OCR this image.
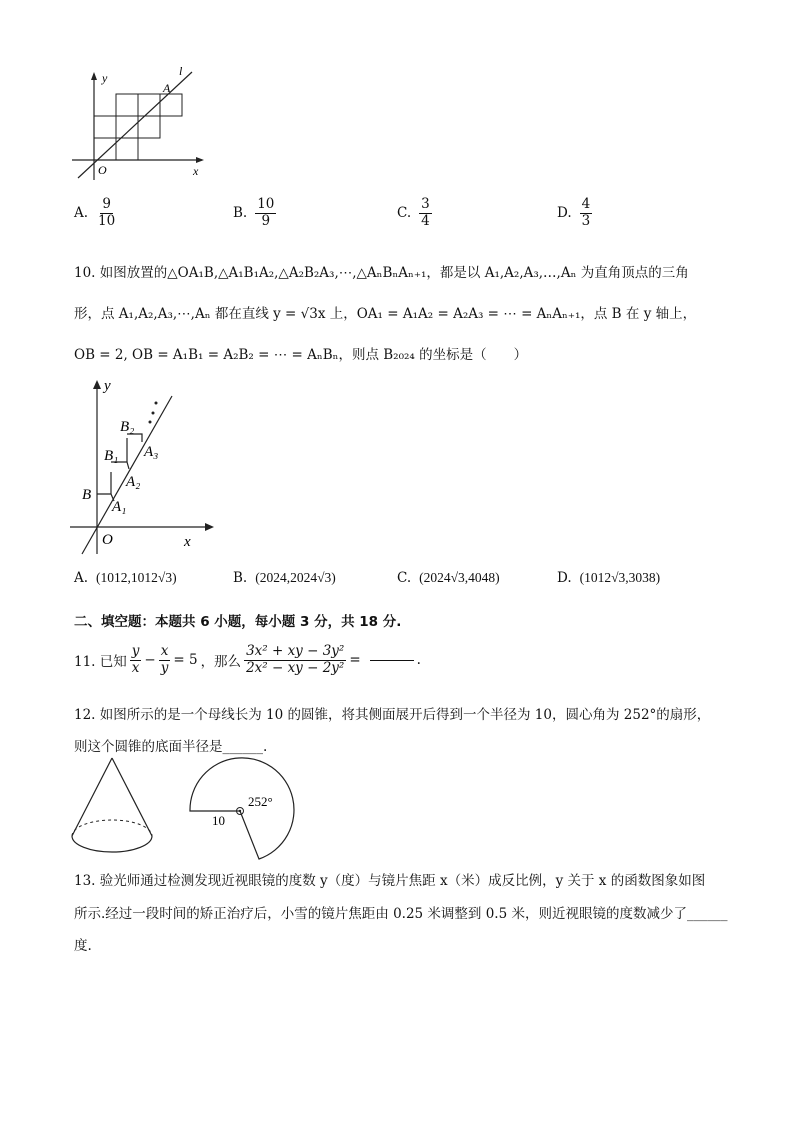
y
x
O
A
l
A. $\frac{9}{10}$	B. $\frac{10}{9}$	C. $\frac{3}{4}$	D. $\frac{4}{3}$
10. 如图放置的△OA₁B,△A₁B₁A₂,△A₂B₂A₃,⋯,△AₙBₙAₙ₊₁，都是以 A₁,A₂,A₃,…,Aₙ 为直角顶点的三角
形，点 A₁,A₂,A₃,⋯,Aₙ 都在直线 y = √3x 上，OA₁ = A₁A₂ = A₂A₃ = ⋯ = AₙAₙ₊₁，点 B 在 y 轴上，
OB = 2, OB = A₁B₁ = A₂B₂ = ⋯ = AₙBₙ，则点 B₂₀₂₄ 的坐标是（　　）
x
y
O
B
A₁
B₁
A₂
B₂
A₃
A. (1012,1012√3)	B. (2024,2024√3)	C. (2024√3,4048)	D. (1012√3,3038)
二、填空题：本题共 6 小题，每小题 3 分，共 18 分.
11. 已知 $\frac{y}{x} - \frac{x}{y} = 5$ ，那么 $\frac{\text{3x² + xy − 3y²}}{\text{2x² − xy − 2y²}}$ =	.
12. 如图所示的是一个母线长为 10 的圆锥，将其侧面展开后得到一个半径为 10，圆心角为 252°的扇形，
则这个圆锥的底面半径是______.
252°
10
13. 验光师通过检测发现近视眼镜的度数 y（度）与镜片焦距 x（米）成反比例，y 关于 x 的函数图象如图
所示.经过一段时间的矫正治疗后，小雪的镜片焦距由 0.25 米调整到 0.5 米，则近视眼镜的度数减少了______
度.
